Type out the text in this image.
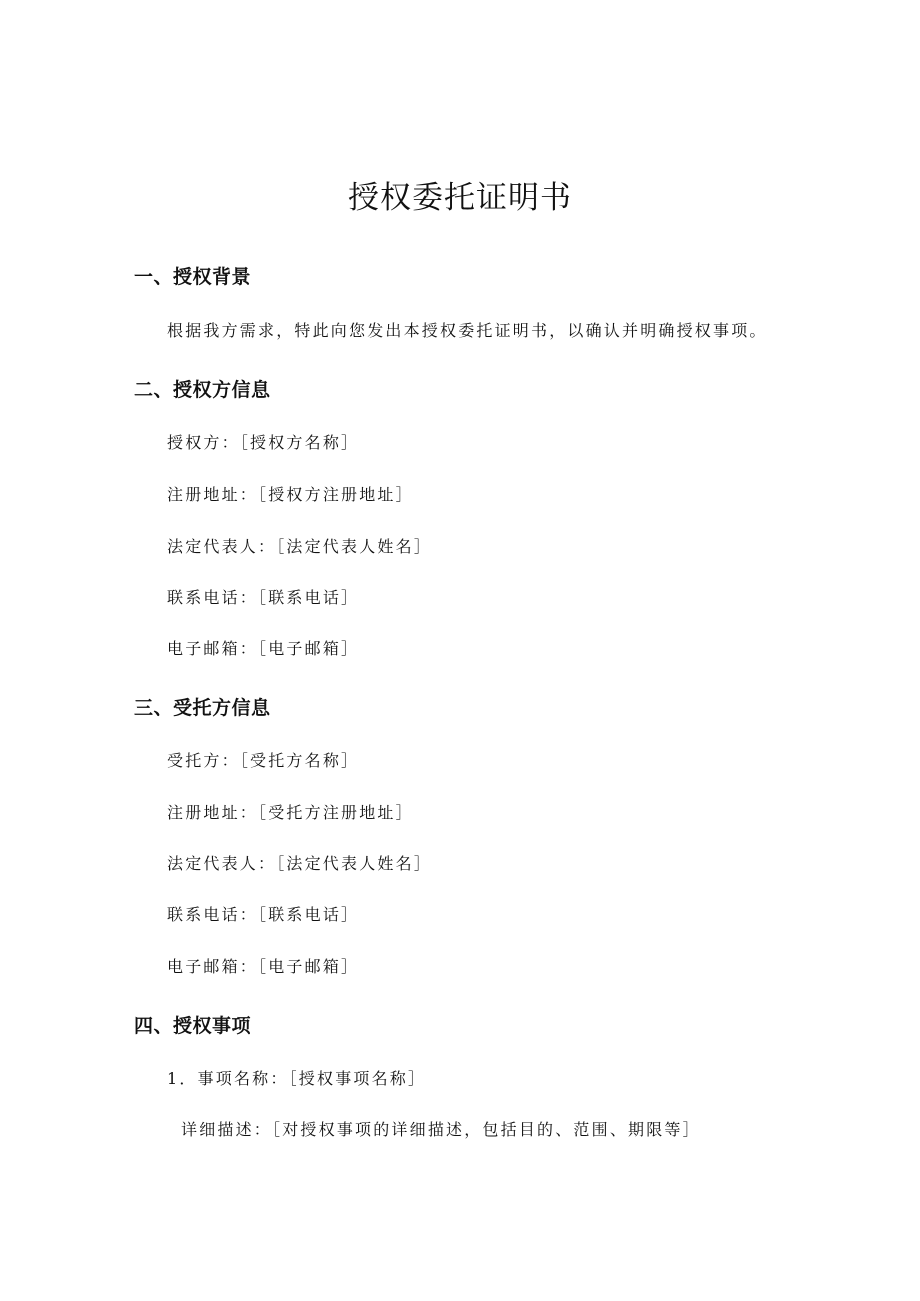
授权委托证明书
一、授权背景
根据我方需求，特此向您发出本授权委托证明书，以确认并明确授权事项。
二、授权方信息
授权方： ［ 授权方名称 ］
注册地址： ［ 授权方注册地址 ］
法定代表人： ［ 法定代表人姓名 ］
联系电话： ［ 联系电话 ］
电子邮箱： ［ 电子邮箱 ］
三、受托方信息
受托方： ［ 受托方名称 ］
注册地址： ［ 受托方注册地址 ］
法定代表人： ［ 法定代表人姓名 ］
联系电话： ［ 联系电话 ］
电子邮箱： ［ 电子邮箱 ］
四、授权事项
1．事项名称： ［ 授权事项名称 ］
详细描述： ［ 对授权事项的详细描述，包括目的、范围、期限等 ］
